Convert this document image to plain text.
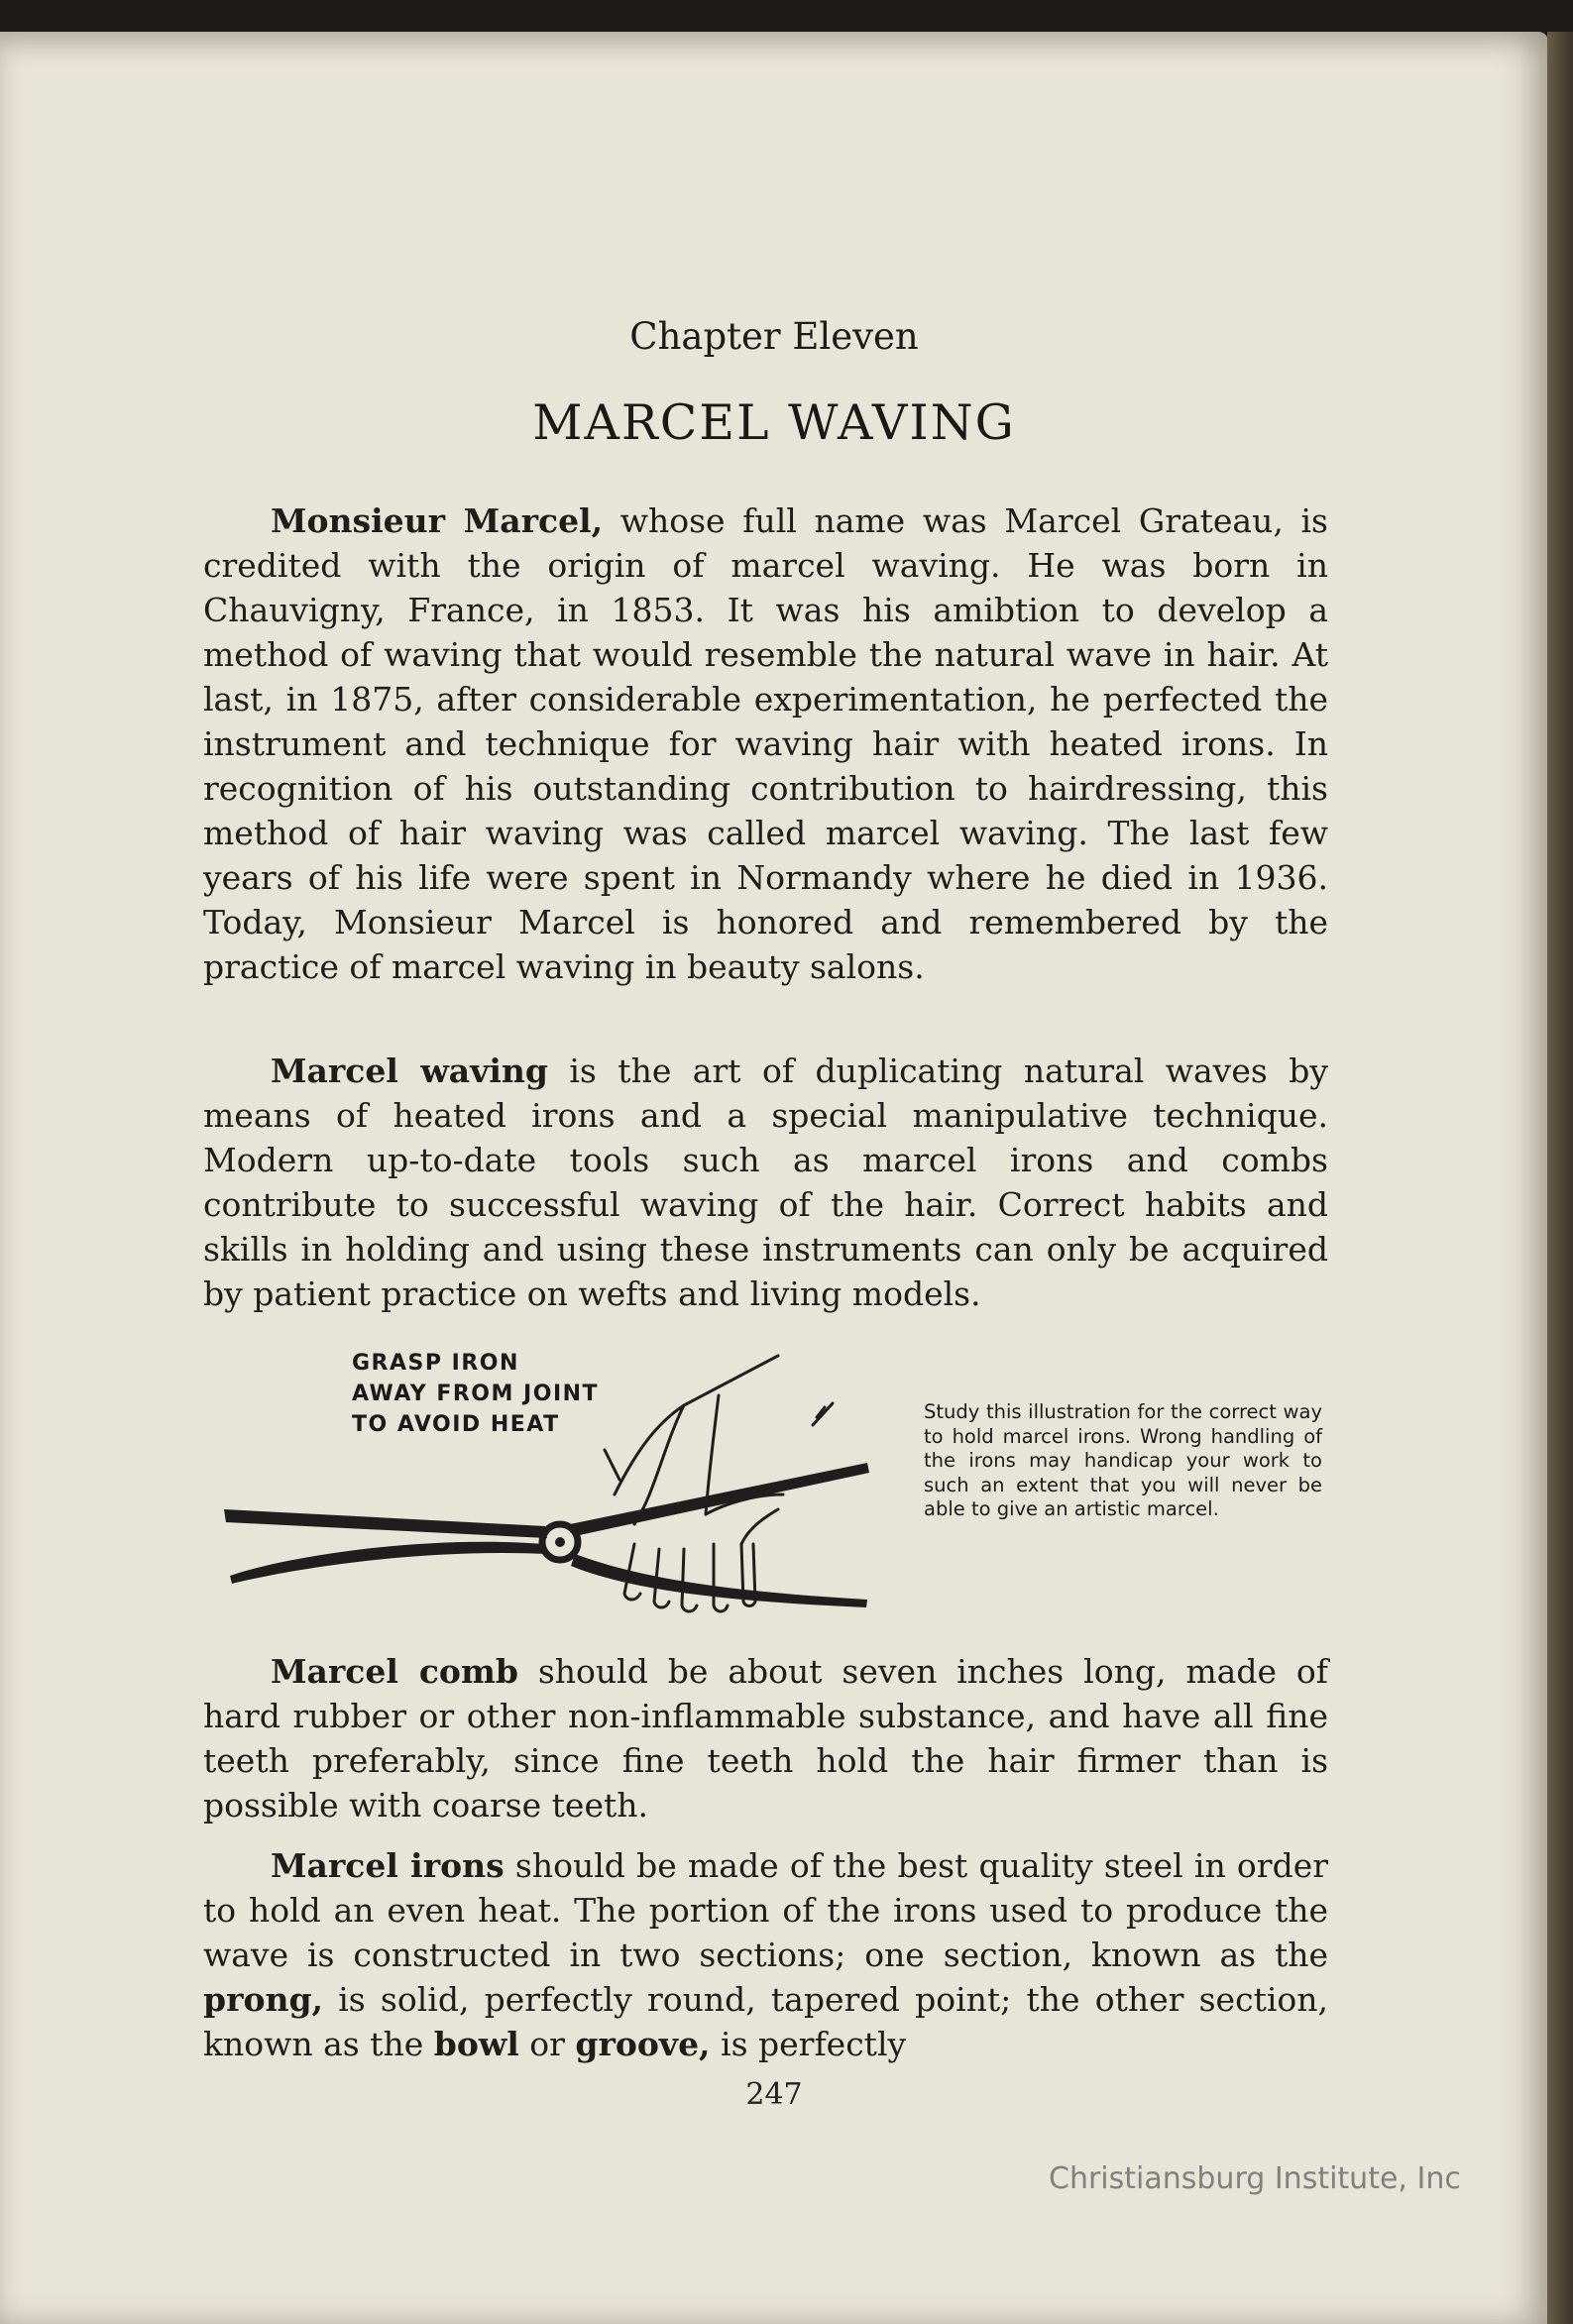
Chapter Eleven
MARCEL WAVING

Monsieur Marcel, whose full name was Marcel Grateau, is credited with the origin of marcel waving. He was born in Chauvigny, France, in 1853. It was his amibtion to develop a method of waving that would resemble the natural wave in hair. At last, in 1875, after considerable experimentation, he perfected the instrument and technique for waving hair with heated irons. In recognition of his outstanding contribution to hairdressing, this method of hair waving was called marcel waving. The last few years of his life were spent in Normandy where he died in 1936. Today, Monsieur Marcel is honored and remembered by the practice of marcel waving in beauty salons.

Marcel waving is the art of duplicating natural waves by means of heated irons and a special manipulative technique. Modern up-to-date tools such as marcel irons and combs contribute to successful waving of the hair. Correct habits and skills in holding and using these instruments can only be acquired by patient practice on wefts and living models.

GRASP IRON
AWAY FROM JOINT
TO AVOID HEAT
Study this illustration for the correct way to hold marcel irons. Wrong handling of the irons may handicap your work to such an extent that you will never be able to give an artistic marcel.

Marcel comb should be about seven inches long, made of hard rubber or other non-inflammable substance, and have all fine teeth preferably, since fine teeth hold the hair firmer than is possible with coarse teeth.

Marcel irons should be made of the best quality steel in order to hold an even heat. The portion of the irons used to produce the wave is constructed in two sections; one section, known as the prong, is solid, perfectly round, tapered point; the other section, known as the bowl or groove, is perfectly

247
Christiansburg Institute, Inc
